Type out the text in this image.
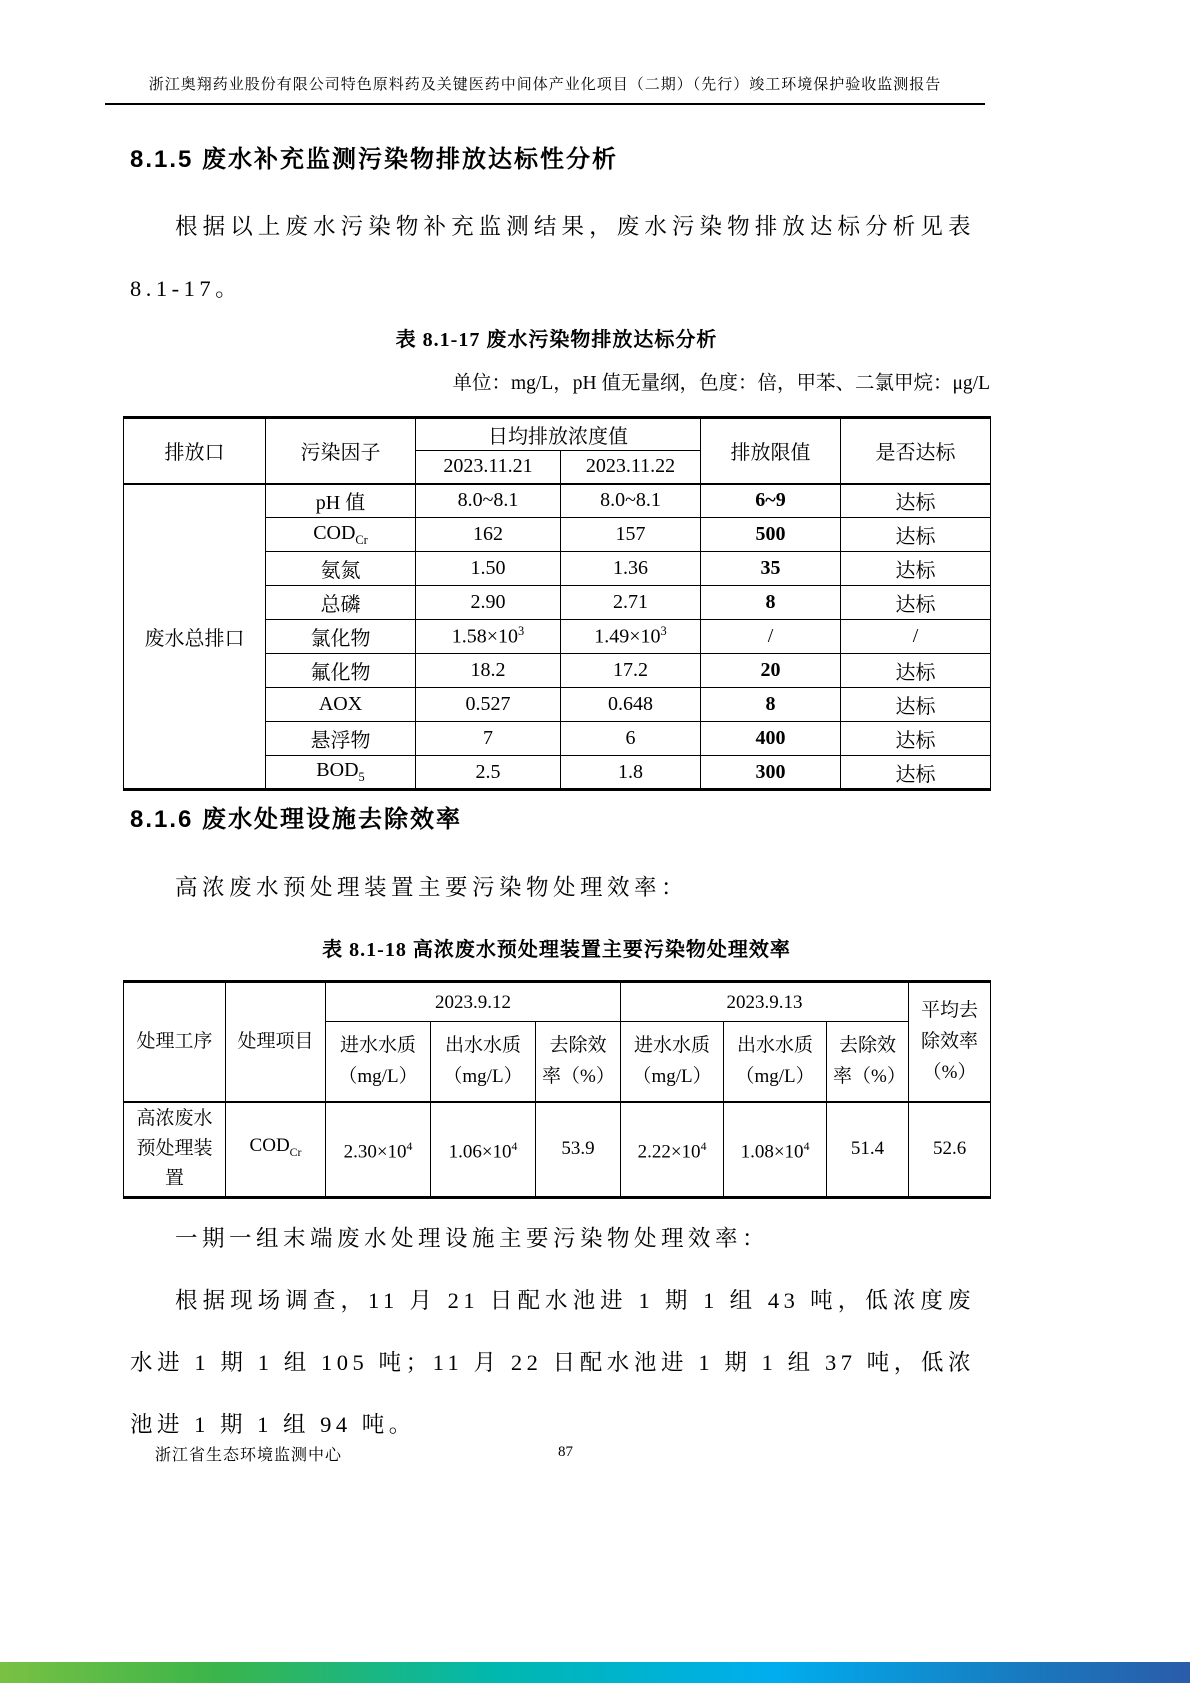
浙江奥翔药业股份有限公司特色原料药及关键医药中间体产业化项目（二期）（先行）竣工环境保护验收监测报告
8.1.5 废水补充监测污染物排放达标性分析

根据以上废水污染物补充监测结果，废水污染物排放达标分析见表8.1-17。

表 8.1-17 废水污染物排放达标分析
单位：mg/L，pH 值无量纲，色度：倍，甲苯、二氯甲烷：μg/L
排放口	污染因子	日均排放浓度值		排放限值	是否达标
		2023.11.21	2023.11.22		
废水总排口	pH 值	8.0~8.1	8.0~8.1	6~9	达标
	$COD_{Cr}$	162	157	500	达标
	氨氮	1.50	1.36	35	达标
	总磷	2.90	2.71	8	达标
	氯化物	$1.58\times 10^3$	$1.49\times 10^3$	/	/
	氟化物	18.2	17.2	20	达标
	AOX	0.527	0.648	8	达标
	悬浮物	7	6	400	达标
	$BOD_5$	2.5	1.8	300	达标
8.1.6 废水处理设施去除效率

高浓废水预处理装置主要污染物处理效率：

表 8.1-18 高浓废水预处理装置主要污染物处理效率
处理工序	处理项目	2023.9.12			2023.9.13			平均去除效率（%）
		进水水质（mg/L）	出水水质（mg/L）	去除效率（%）	进水水质（mg/L）	出水水质（mg/L）	去除效率（%）	
高浓废水预处理装置	$COD_{Cr}$	$2.30\times 10^4$	$1.06\times 10^4$	53.9	$2.22\times 10^4$	$1.08\times 10^4$	51.4	52.6

一期一组末端废水处理设施主要污染物处理效率：

根据现场调查，11 月 21 日配水池进 1 期 1 组 43 吨，低浓度废水进 1 期 1 组 105 吨；11 月 22 日配水池进 1 期 1 组 37 吨，低浓池进 1 期 1 组 94 吨。

浙江省生态环境监测中心	87
